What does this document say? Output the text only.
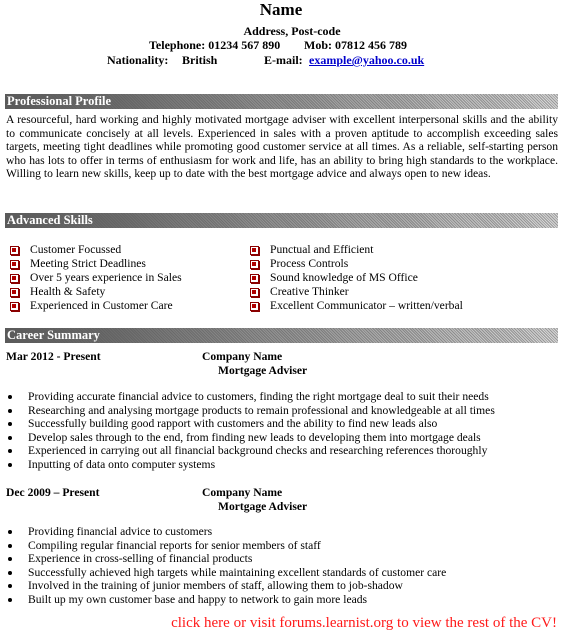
Name
Address, Post-code
Telephone: 01234 567 890 Mob: 07812 456 789
Nationality: British	E-mail: example@yahoo.co.uk
Professional Profile
A resourceful, hard working and highly motivated mortgage adviser with excellent interpersonal skills and the ability to communicate concisely at all levels. Experienced in sales with a proven aptitude to accomplish exceeding sales targets, meeting tight deadlines while promoting good customer service at all times. As a reliable, self-starting person who has lots to offer in terms of enthusiasm for work and life, has an ability to bring high standards to the workplace. Willing to learn new skills, keep up to date with the best mortgage advice and always open to new ideas.
Advanced Skills
Customer Focussed
Meeting Strict Deadlines
Over 5 years experience in Sales
Health & Safety
Experienced in Customer Care
Punctual and Efficient
Process Controls
Sound knowledge of MS Office
Creative Thinker
Excellent Communicator – written/verbal
Career Summary
Mar 2012 - Present	Company Name
Mortgage Adviser
Providing accurate financial advice to customers, finding the right mortgage deal to suit their needs
Researching and analysing mortgage products to remain professional and knowledgeable at all times
Successfully building good rapport with customers and the ability to find new leads also
Develop sales through to the end, from finding new leads to developing them into mortgage deals
Experienced in carrying out all financial background checks and researching references thoroughly
Inputting of data onto computer systems
Dec 2009 – Present	Company Name
Mortgage Adviser
Providing financial advice to customers
Compiling regular financial reports for senior members of staff
Experience in cross-selling of financial products
Successfully achieved high targets while maintaining excellent standards of customer care
Involved in the training of junior members of staff, allowing them to job-shadow
Built up my own customer base and happy to network to gain more leads
click here or visit forums.learnist.org to view the rest of the CV!
